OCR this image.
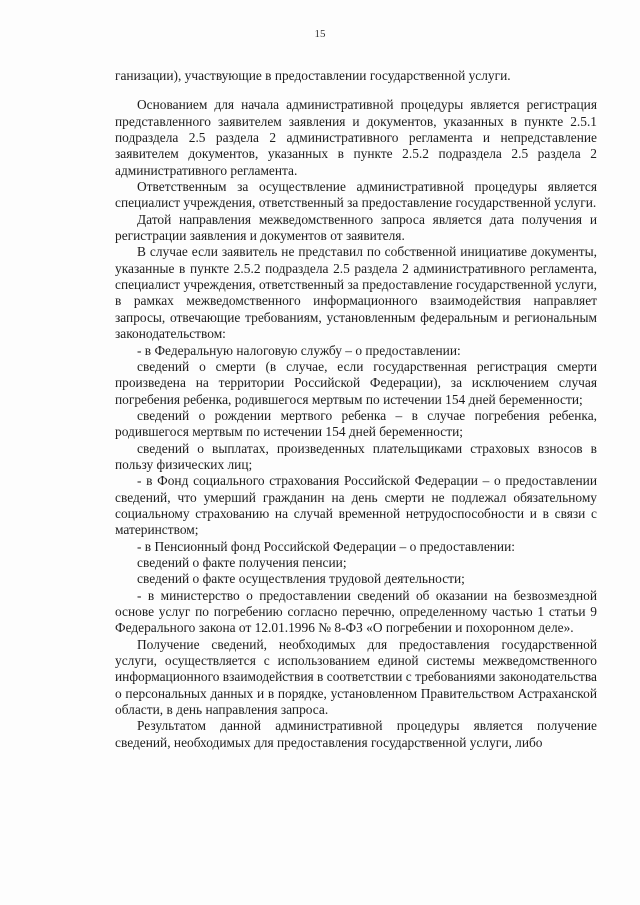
15

ганизации), участвующие в предоставлении государственной услуги.

Основанием для начала административной процедуры является регистрация представленного заявителем заявления и документов, указанных в пункте 2.5.1 подраздела 2.5 раздела 2 административного регламента и непредставление заявителем документов, указанных в пункте 2.5.2 подраздела 2.5 раздела 2 административного регламента.

Ответственным за осуществление административной процедуры является специалист учреждения, ответственный за предоставление государственной услуги.

Датой направления межведомственного запроса является дата получения и регистрации заявления и документов от заявителя.

В случае если заявитель не представил по собственной инициативе документы, указанные в пункте 2.5.2 подраздела 2.5 раздела 2 административного регламента, специалист учреждения, ответственный за предоставление государственной услуги, в рамках межведомственного информационного взаимодействия направляет запросы, отвечающие требованиям, установленным федеральным и региональным законодательством:

- в Федеральную налоговую службу – о предоставлении:

сведений о смерти (в случае, если государственная регистрация смерти произведена на территории Российской Федерации), за исключением случая погребения ребенка, родившегося мертвым по истечении 154 дней беременности;

сведений о рождении мертвого ребенка – в случае погребения ребенка, родившегося мертвым по истечении 154 дней беременности;

сведений о выплатах, произведенных плательщиками страховых взносов в пользу физических лиц;

- в Фонд социального страхования Российской Федерации – о предоставлении сведений, что умерший гражданин на день смерти не подлежал обязательному социальному страхованию на случай временной нетрудоспособности и в связи с материнством;

- в Пенсионный фонд Российской Федерации – о предоставлении:

сведений о факте получения пенсии;

сведений о факте осуществления трудовой деятельности;

- в министерство о предоставлении сведений об оказании на безвозмездной основе услуг по погребению согласно перечню, определенному частью 1 статьи 9 Федерального закона от 12.01.1996 № 8-ФЗ «О погребении и похоронном деле».

Получение сведений, необходимых для предоставления государственной услуги, осуществляется с использованием единой системы межведомственного информационного взаимодействия в соответствии с требованиями законодательства о персональных данных и в порядке, установленном Правительством Астраханской области, в день направления запроса.

Результатом данной административной процедуры является получение сведений, необходимых для предоставления государственной услуги, либо
